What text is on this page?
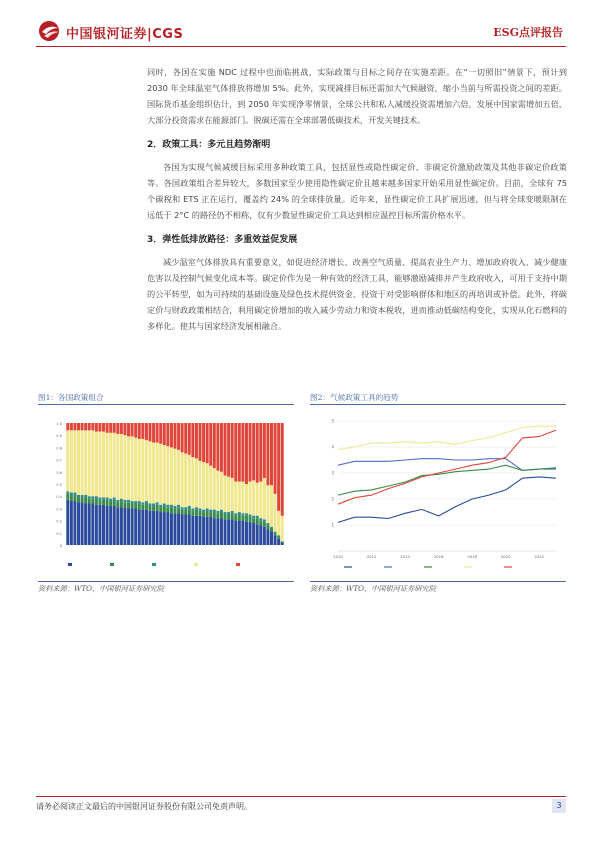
中国银河证券|CGS	ESG点评报告

同时，各国在实施 NDC 过程中也面临挑战，实际政策与目标之间存在实施差距。在“一切照旧”情景下，预计到 2030 年全球温室气体排放将增加 5%。此外，实现减排目标还需加大气候融资，缩小当前与所需投资之间的差距。国际货币基金组织估计，到 2050 年实现净零情景，全球公共和私人减缓投资需增加六倍，发展中国家需增加五倍，大部分投资需求在能源部门。脱碳还需在全球部署低碳技术，开发关键技术。

2．政策工具：多元且趋势渐明

各国为实现气候减缓目标采用多种政策工具，包括显性或隐性碳定价、非碳定价激励政策及其他非碳定价政策等。各国政策组合差异较大，多数国家至少使用隐性碳定价且越来越多国家开始采用显性碳定价。目前，全球有 75 个碳税和 ETS 正在运行，覆盖约 24% 的全球排放量。近年来，显性碳定价工具扩展迅速，但与将全球变暖限制在远低于 2°C 的路径仍不相称，仅有少数显性碳定价工具达到相应温控目标所需价格水平。

3．弹性低排放路径：多重效益促发展

减少温室气体排放具有重要意义，如促进经济增长、改善空气质量、提高农业生产力、增加政府收入、减少健康危害以及控制气候变化成本等。碳定价作为是一种有效的经济工具，能够激励减排并产生政府收入，可用于支持中期的公平转型，如为可持续的基础设施及绿色技术提供资金、投资于对受影响群体和地区的再培训或补偿。此外，将碳定价与财政政策相结合，利用碳定价增加的收入减少劳动力和资本税收，进而推动低碳结构变化，实现从化石燃料的多样化。使其与国家经济发展相融合。

图1：各国政策组合
0
0.1
0.2
0.3
0.4
0.5
0.6
0.7
0.8
0.9
1.0
资料来源：WTO，中国银河证券研究院
图2：气候政策工具的趋势
1
2
3
4
5
2010	2012	2014	2016	2018	2020	2022
资料来源：WTO，中国银河证券研究院
请务必阅读正文最后的中国银河证券股份有限公司免责声明。	3
